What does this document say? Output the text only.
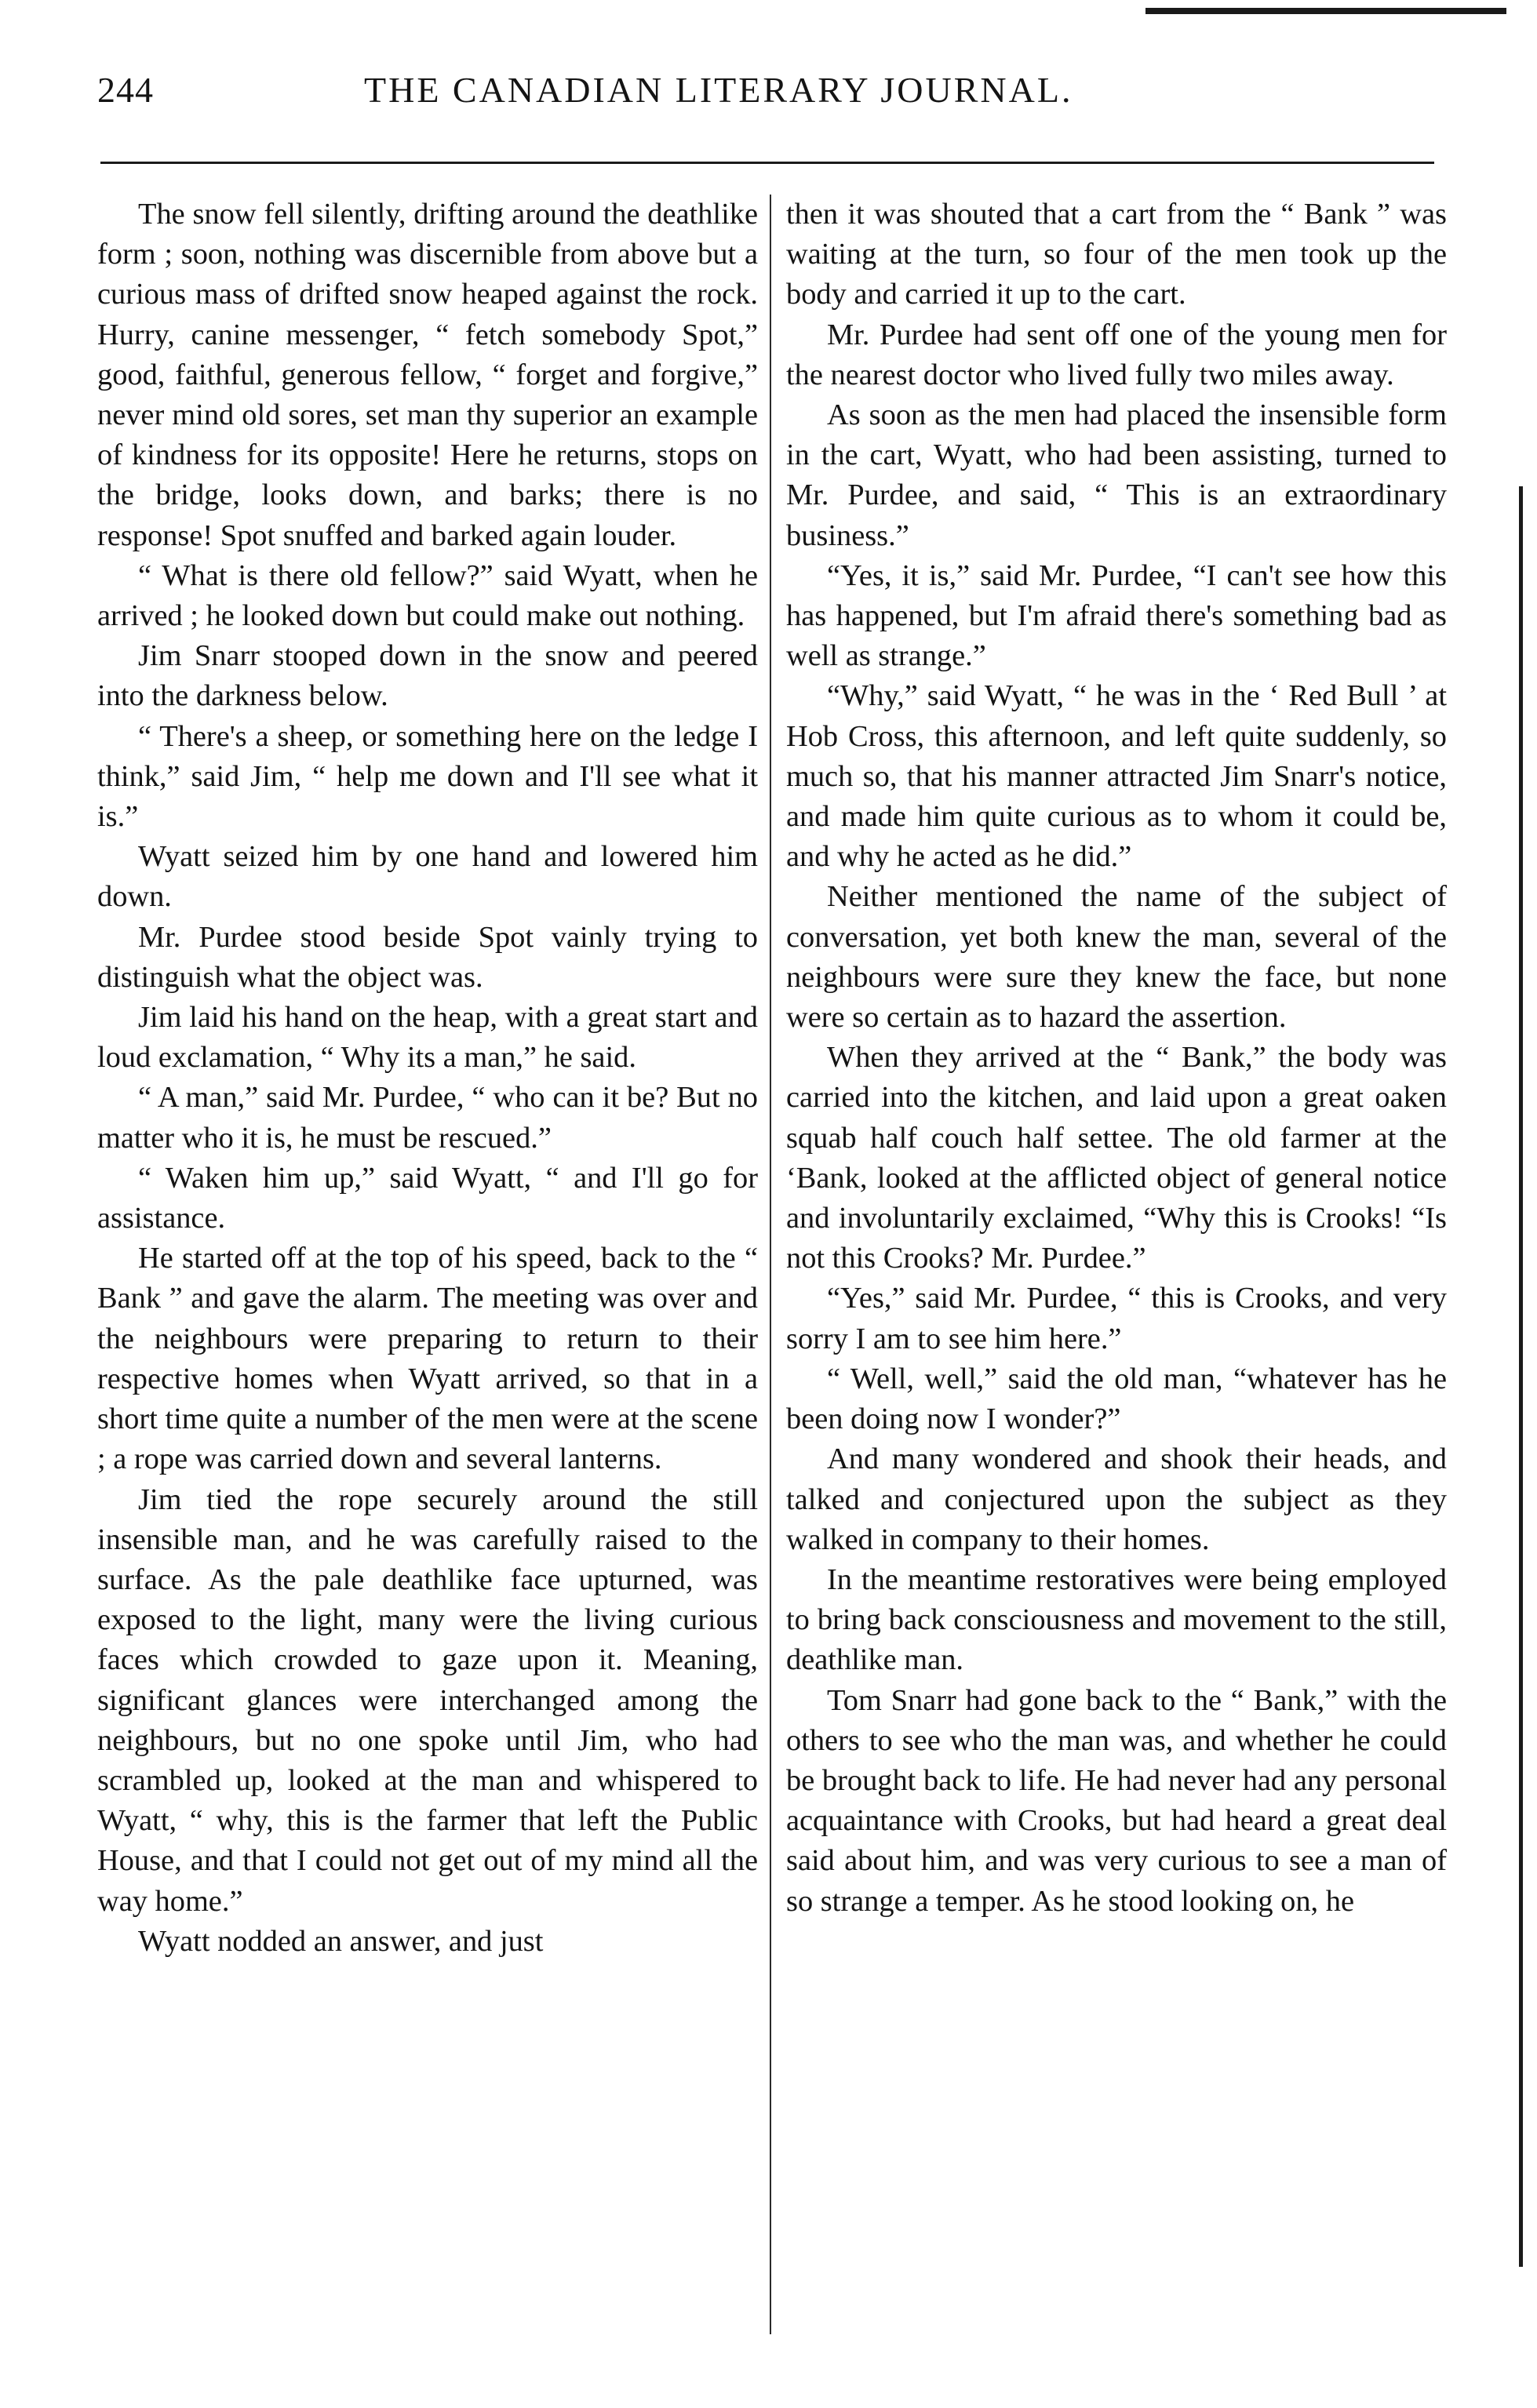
244	THE CANADIAN LITERARY JOURNAL.

The snow fell silently, drifting around the deathlike form ; soon, nothing was discernible from above but a curious mass of drifted snow heaped against the rock. Hurry, canine messenger, “ fetch somebody Spot,” good, faithful, generous fellow, “ forget and forgive,” never mind old sores, set man thy superior an example of kindness for its opposite! Here he returns, stops on the bridge, looks down, and barks; there is no response! Spot snuffed and barked again louder.

“ What is there old fellow?” said Wyatt, when he arrived ; he looked down but could make out nothing.

Jim Snarr stooped down in the snow and peered into the darkness below.

“ There's a sheep, or something here on the ledge I think,” said Jim, “ help me down and I'll see what it is.”

Wyatt seized him by one hand and lowered him down.

Mr. Purdee stood beside Spot vainly trying to distinguish what the object was.

Jim laid his hand on the heap, with a great start and loud exclamation, “ Why its a man,” he said.

“ A man,” said Mr. Purdee, “ who can it be? But no matter who it is, he must be rescued.”

“ Waken him up,” said Wyatt, “ and I'll go for assistance.

He started off at the top of his speed, back to the “ Bank ” and gave the alarm. The meeting was over and the neighbours were preparing to return to their respective homes when Wyatt arrived, so that in a short time quite a number of the men were at the scene ; a rope was carried down and several lanterns.

Jim tied the rope securely around the still insensible man, and he was carefully raised to the surface. As the pale deathlike face upturned, was exposed to the light, many were the living curious faces which crowded to gaze upon it. Meaning, significant glances were interchanged among the neighbours, but no one spoke until Jim, who had scrambled up, looked at the man and whispered to Wyatt, “ why, this is the farmer that left the Public House, and that I could not get out of my mind all the way home.”

Wyatt nodded an answer, and just

then it was shouted that a cart from the “ Bank ” was waiting at the turn, so four of the men took up the body and carried it up to the cart.

Mr. Purdee had sent off one of the young men for the nearest doctor who lived fully two miles away.

As soon as the men had placed the insensible form in the cart, Wyatt, who had been assisting, turned to Mr. Purdee, and said, “ This is an extraordinary business.”

“Yes, it is,” said Mr. Purdee, “I can't see how this has happened, but I'm afraid there's something bad as well as strange.”

“Why,” said Wyatt, “ he was in the ‘ Red Bull ’ at Hob Cross, this afternoon, and left quite suddenly, so much so, that his manner attracted Jim Snarr's notice, and made him quite curious as to whom it could be, and why he acted as he did.”

Neither mentioned the name of the subject of conversation, yet both knew the man, several of the neighbours were sure they knew the face, but none were so certain as to hazard the assertion.

When they arrived at the “ Bank,” the body was carried into the kitchen, and laid upon a great oaken squab half couch half settee. The old farmer at the ‘Bank, looked at the afflicted object of general notice and involuntarily exclaimed, “Why this is Crooks! “Is not this Crooks? Mr. Purdee.”

“Yes,” said Mr. Purdee, “ this is Crooks, and very sorry I am to see him here.”

“ Well, well,” said the old man, “whatever has he been doing now I wonder?”

And many wondered and shook their heads, and talked and conjectured upon the subject as they walked in company to their homes.

In the meantime restoratives were being employed to bring back consciousness and movement to the still, deathlike man.

Tom Snarr had gone back to the “ Bank,” with the others to see who the man was, and whether he could be brought back to life. He had never had any personal acquaintance with Crooks, but had heard a great deal said about him, and was very curious to see a man of so strange a temper. As he stood looking on, he
